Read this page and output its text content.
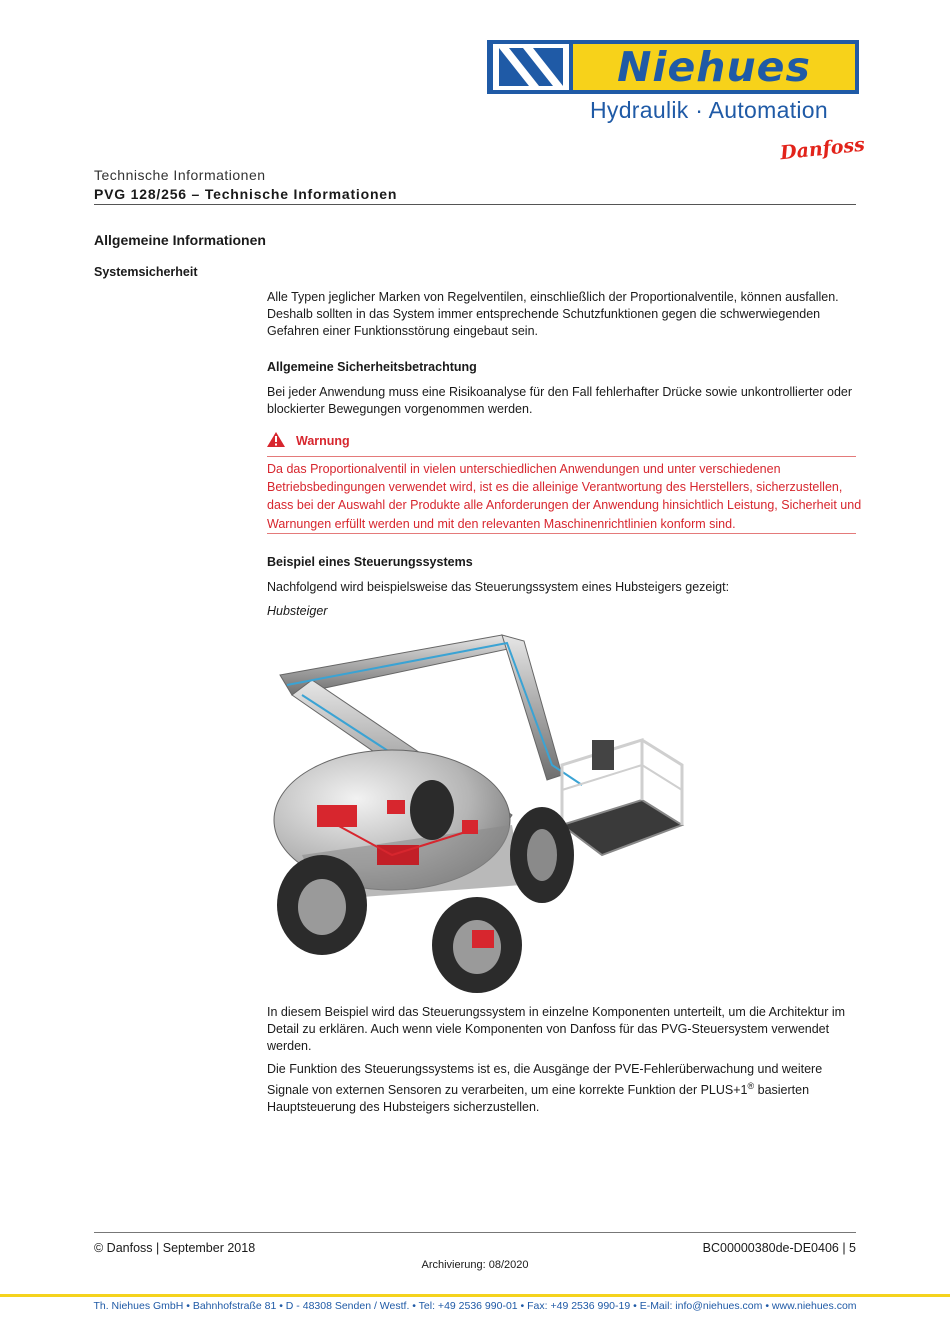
Niehues
Hydraulik · Automation
Danfoss
Technische Informationen
PVG 128/256 – Technische Informationen
Allgemeine Informationen
Systemsicherheit
Alle Typen jeglicher Marken von Regelventilen, einschließlich der Proportionalventile, können ausfallen. Deshalb sollten in das System immer entsprechende Schutzfunktionen gegen die schwerwiegenden Gefahren einer Funktionsstörung eingebaut sein.
Allgemeine Sicherheitsbetrachtung
Bei jeder Anwendung muss eine Risikoanalyse für den Fall fehlerhafter Drücke sowie unkontrollierter oder blockierter Bewegungen vorgenommen werden.
Warnung
Da das Proportionalventil in vielen unterschiedlichen Anwendungen und unter verschiedenen Betriebsbedingungen verwendet wird, ist es die alleinige Verantwortung des Herstellers, sicherzustellen, dass bei der Auswahl der Produkte alle Anforderungen der Anwendung hinsichtlich Leistung, Sicherheit und Warnungen erfüllt werden und mit den relevanten Maschinenrichtlinien konform sind.
Beispiel eines Steuerungssystems
Nachfolgend wird beispielsweise das Steuerungssystem eines Hubsteigers gezeigt:
Hubsteiger
In diesem Beispiel wird das Steuerungssystem in einzelne Komponenten unterteilt, um die Architektur im Detail zu erklären. Auch wenn viele Komponenten von Danfoss für das PVG-Steuersystem verwendet werden.
Die Funktion des Steuerungssystems ist es, die Ausgänge der PVE-Fehlerüberwachung und weitere Signale von externen Sensoren zu verarbeiten, um eine korrekte Funktion der PLUS+1® basierten Hauptsteuerung des Hubsteigers sicherzustellen.
© Danfoss | September 2018	BC00000380de-DE0406 | 5
Archivierung: 08/2020
Th. Niehues GmbH • Bahnhofstraße 81 • D - 48308 Senden / Westf. • Tel: +49 2536 990-01 • Fax: +49 2536 990-19 • E-Mail: info@niehues.com • www.niehues.com
